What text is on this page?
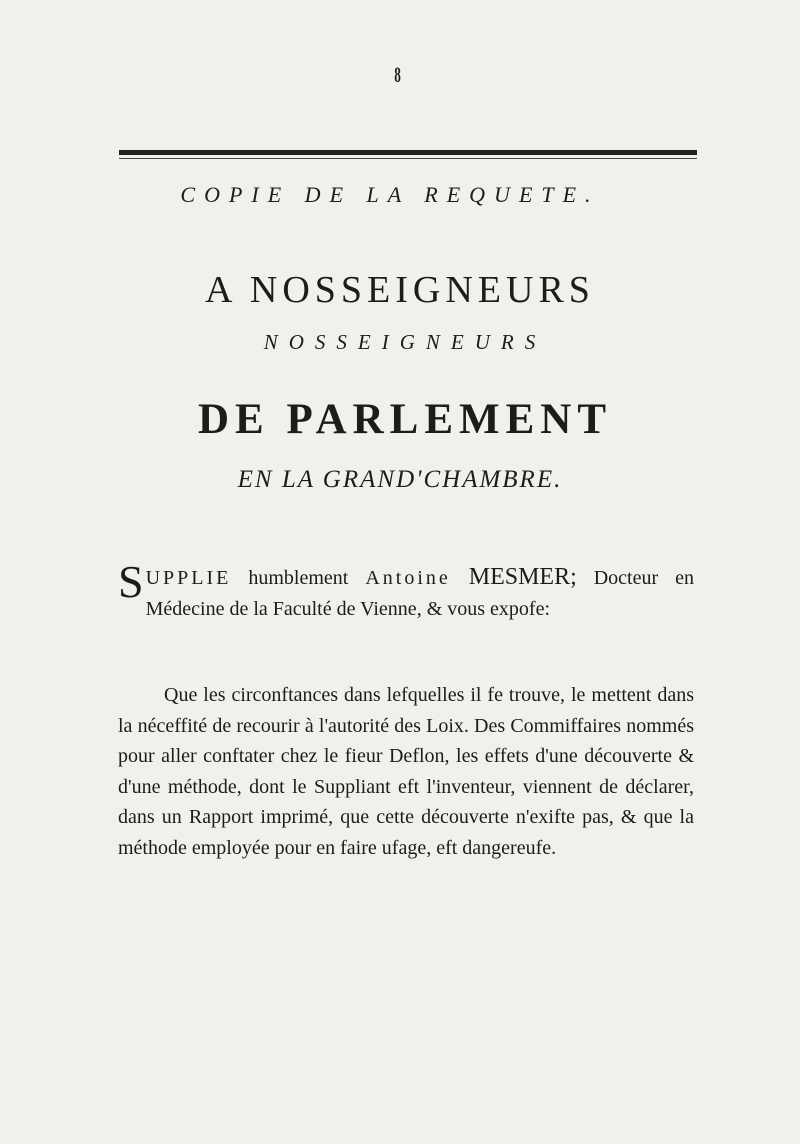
8
COPIE DE LA REQUETE.
A NOSSEIGNEURS
NOSSEIGNEURS
DE PARLEMENT
EN LA GRAND'CHAMBRE.
SUPPLIE humblement Antoine MESMER; Docteur en Médecine de la Faculté de Vienne, & vous expofe:
Que les circonftances dans lefquelles il fe trouve, le mettent dans la néceffité de recourir à l'autorité des Loix. Des Commiffaires nommés pour aller conftater chez le fieur Deflon, les effets d'une découverte & d'une méthode, dont le Suppliant eft l'inventeur, viennent de déclarer, dans un Rapport imprimé, que cette découverte n'exifte pas, & que la méthode employée pour en faire ufage, eft dangereufe.
